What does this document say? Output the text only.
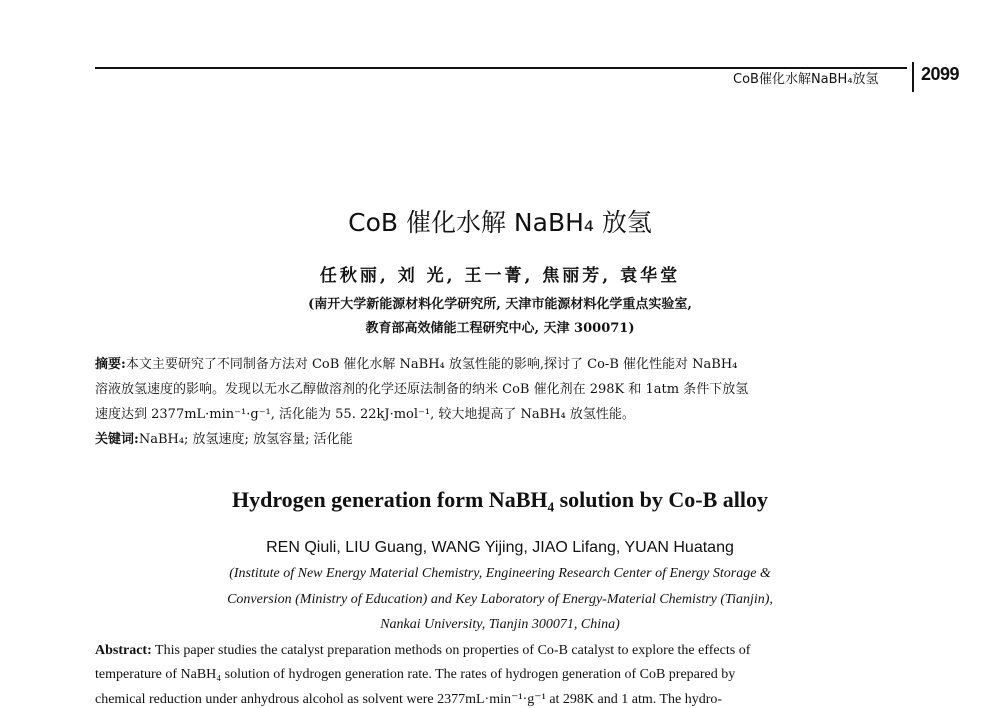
CoB催化水解NaBH₄放氢 2099
CoB 催化水解 NaBH₄ 放氢
任秋丽, 刘 光, 王一菁, 焦丽芳, 袁华堂
(南开大学新能源材料化学研究所, 天津市能源材料化学重点实验室,
教育部高效储能工程研究中心, 天津 300071)
摘要:本文主要研究了不同制备方法对 CoB 催化水解 NaBH₄ 放氢性能的影响,探讨了 Co-B 催化性能对 NaBH₄
溶液放氢速度的影响。发现以无水乙醇做溶剂的化学还原法制备的纳米 CoB 催化剂在 298K 和 1atm 条件下放氢
速度达到 2377mL·min⁻¹·g⁻¹, 活化能为 55. 22kJ·mol⁻¹, 较大地提高了 NaBH₄ 放氢性能。
关键词:NaBH₄; 放氢速度; 放氢容量; 活化能
Hydrogen generation form NaBH₄ solution by Co-B alloy
REN Qiuli, LIU Guang, WANG Yijing, JIAO Lifang, YUAN Huatang
(Institute of New Energy Material Chemistry, Engineering Research Center of Energy Storage &
Conversion (Ministry of Education) and Key Laboratory of Energy-Material Chemistry (Tianjin),
Nankai University, Tianjin 300071, China)
Abstract: This paper studies the catalyst preparation methods on properties of Co-B catalyst to explore the effects of
temperature of NaBH₄ solution of hydrogen generation rate. The rates of hydrogen generation of CoB prepared by
chemical reduction under anhydrous alcohol as solvent were 2377mL·min⁻¹·g⁻¹ at 298K and 1 atm. The hydro-
